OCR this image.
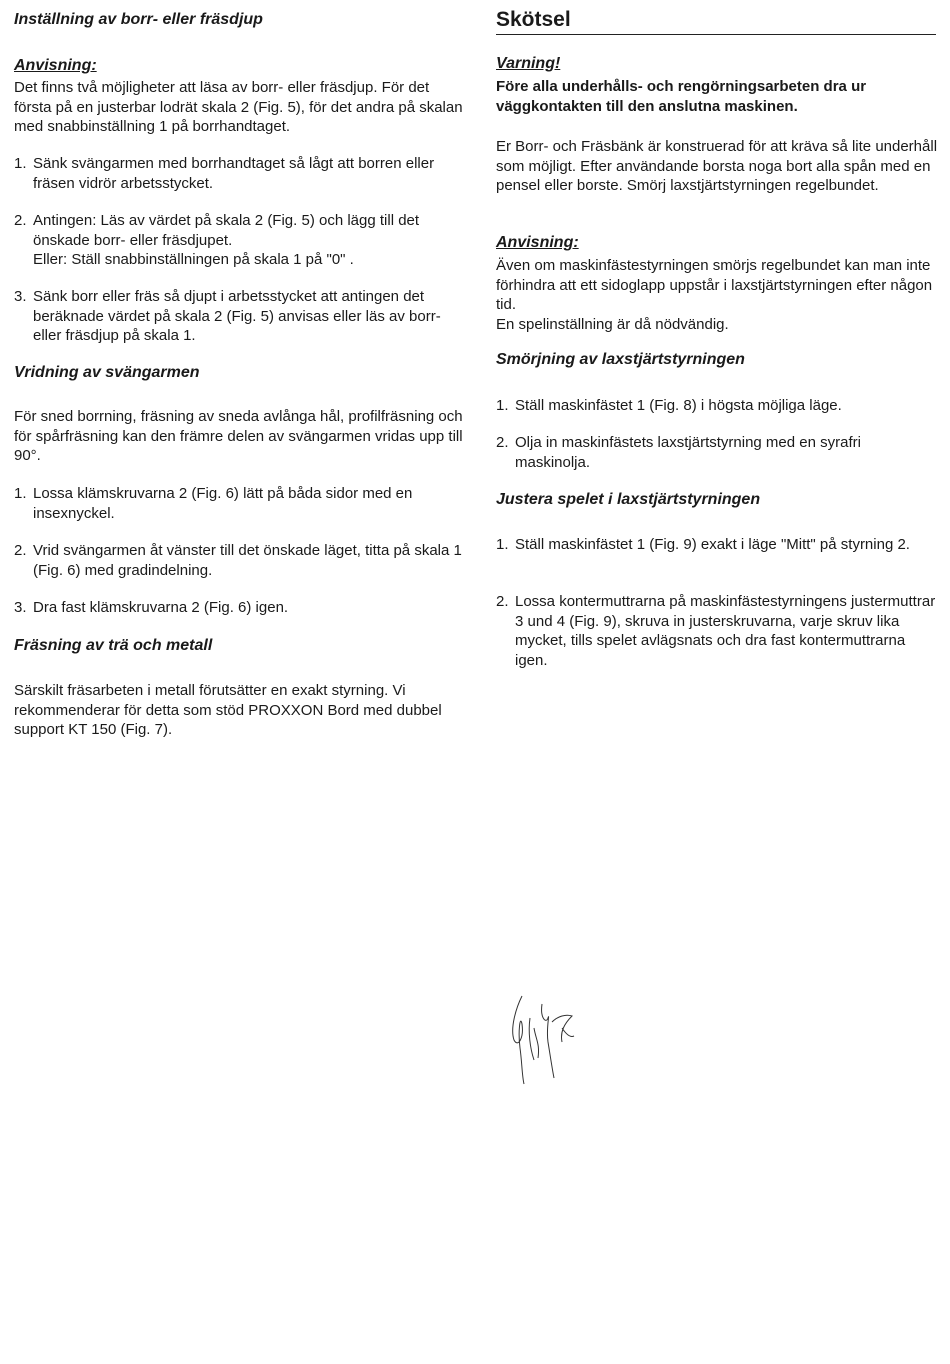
Inställning av borr- eller fräsdjup
Anvisning:
Det finns två möjligheter att läsa av borr- eller fräsdjup. För det första på en justerbar lodrät skala 2 (Fig. 5), för det andra på skalan med snabbinställning 1 på borrhandtaget.
1. Sänk svängarmen med borrhandtaget så lågt att borren eller fräsen vidrör arbetsstycket.
2. Antingen: Läs av värdet på skala 2 (Fig. 5) och lägg till det önskade borr- eller fräsdjupet.
Eller: Ställ snabbinställningen på skala 1 på "0" .
3. Sänk borr eller fräs så djupt i arbetsstycket att antingen det beräknade värdet på skala 2 (Fig. 5) anvisas eller läs av borr- eller fräsdjup på skala 1.
Vridning av svängarmen
För sned borrning, fräsning av sneda avlånga hål, profilfräsning och för spårfräsning kan den främre delen av svängarmen vridas upp till 90°.
1. Lossa klämskruvarna 2 (Fig. 6) lätt på båda sidor med en insexnyckel.
2. Vrid svängarmen åt vänster till det önskade läget, titta på skala 1 (Fig. 6) med gradindelning.
3. Dra fast klämskruvarna 2 (Fig. 6) igen.
Fräsning av trä och metall
Särskilt fräsarbeten i metall förutsätter en exakt styrning. Vi rekommenderar för detta som stöd PROXXON Bord med dubbel support KT 150 (Fig. 7).
Skötsel
Varning!
Före alla underhålls- och rengörningsarbeten dra ur väggkontakten till den anslutna maskinen.
Er Borr- och Fräsbänk är konstruerad för att kräva så lite underhåll som möjligt. Efter användande borsta noga bort alla spån med en pensel eller borste. Smörj laxstjärtstyrningen regelbundet.
Anvisning:
Även om maskinfästestyrningen smörjs regelbundet kan man inte förhindra att ett sidoglapp uppstår i laxstjärtstyrningen efter någon tid.
En spelinställning är då nödvändig.
Smörjning av laxstjärtstyrningen
1. Ställ maskinfästet 1 (Fig. 8) i högsta möjliga läge.
2. Olja in maskinfästets laxstjärtstyrning med en syrafri maskinolja.
Justera spelet i laxstjärtstyrningen
1. Ställ maskinfästet 1 (Fig. 9) exakt i läge "Mitt" på styrning 2.
2. Lossa kontermuttrarna på maskinfästestyrningens justermuttrar 3 und 4 (Fig. 9), skruva in justerskruvarna, varje skruv lika mycket, tills spelet avlägsnats och dra fast kontermuttrarna igen.
